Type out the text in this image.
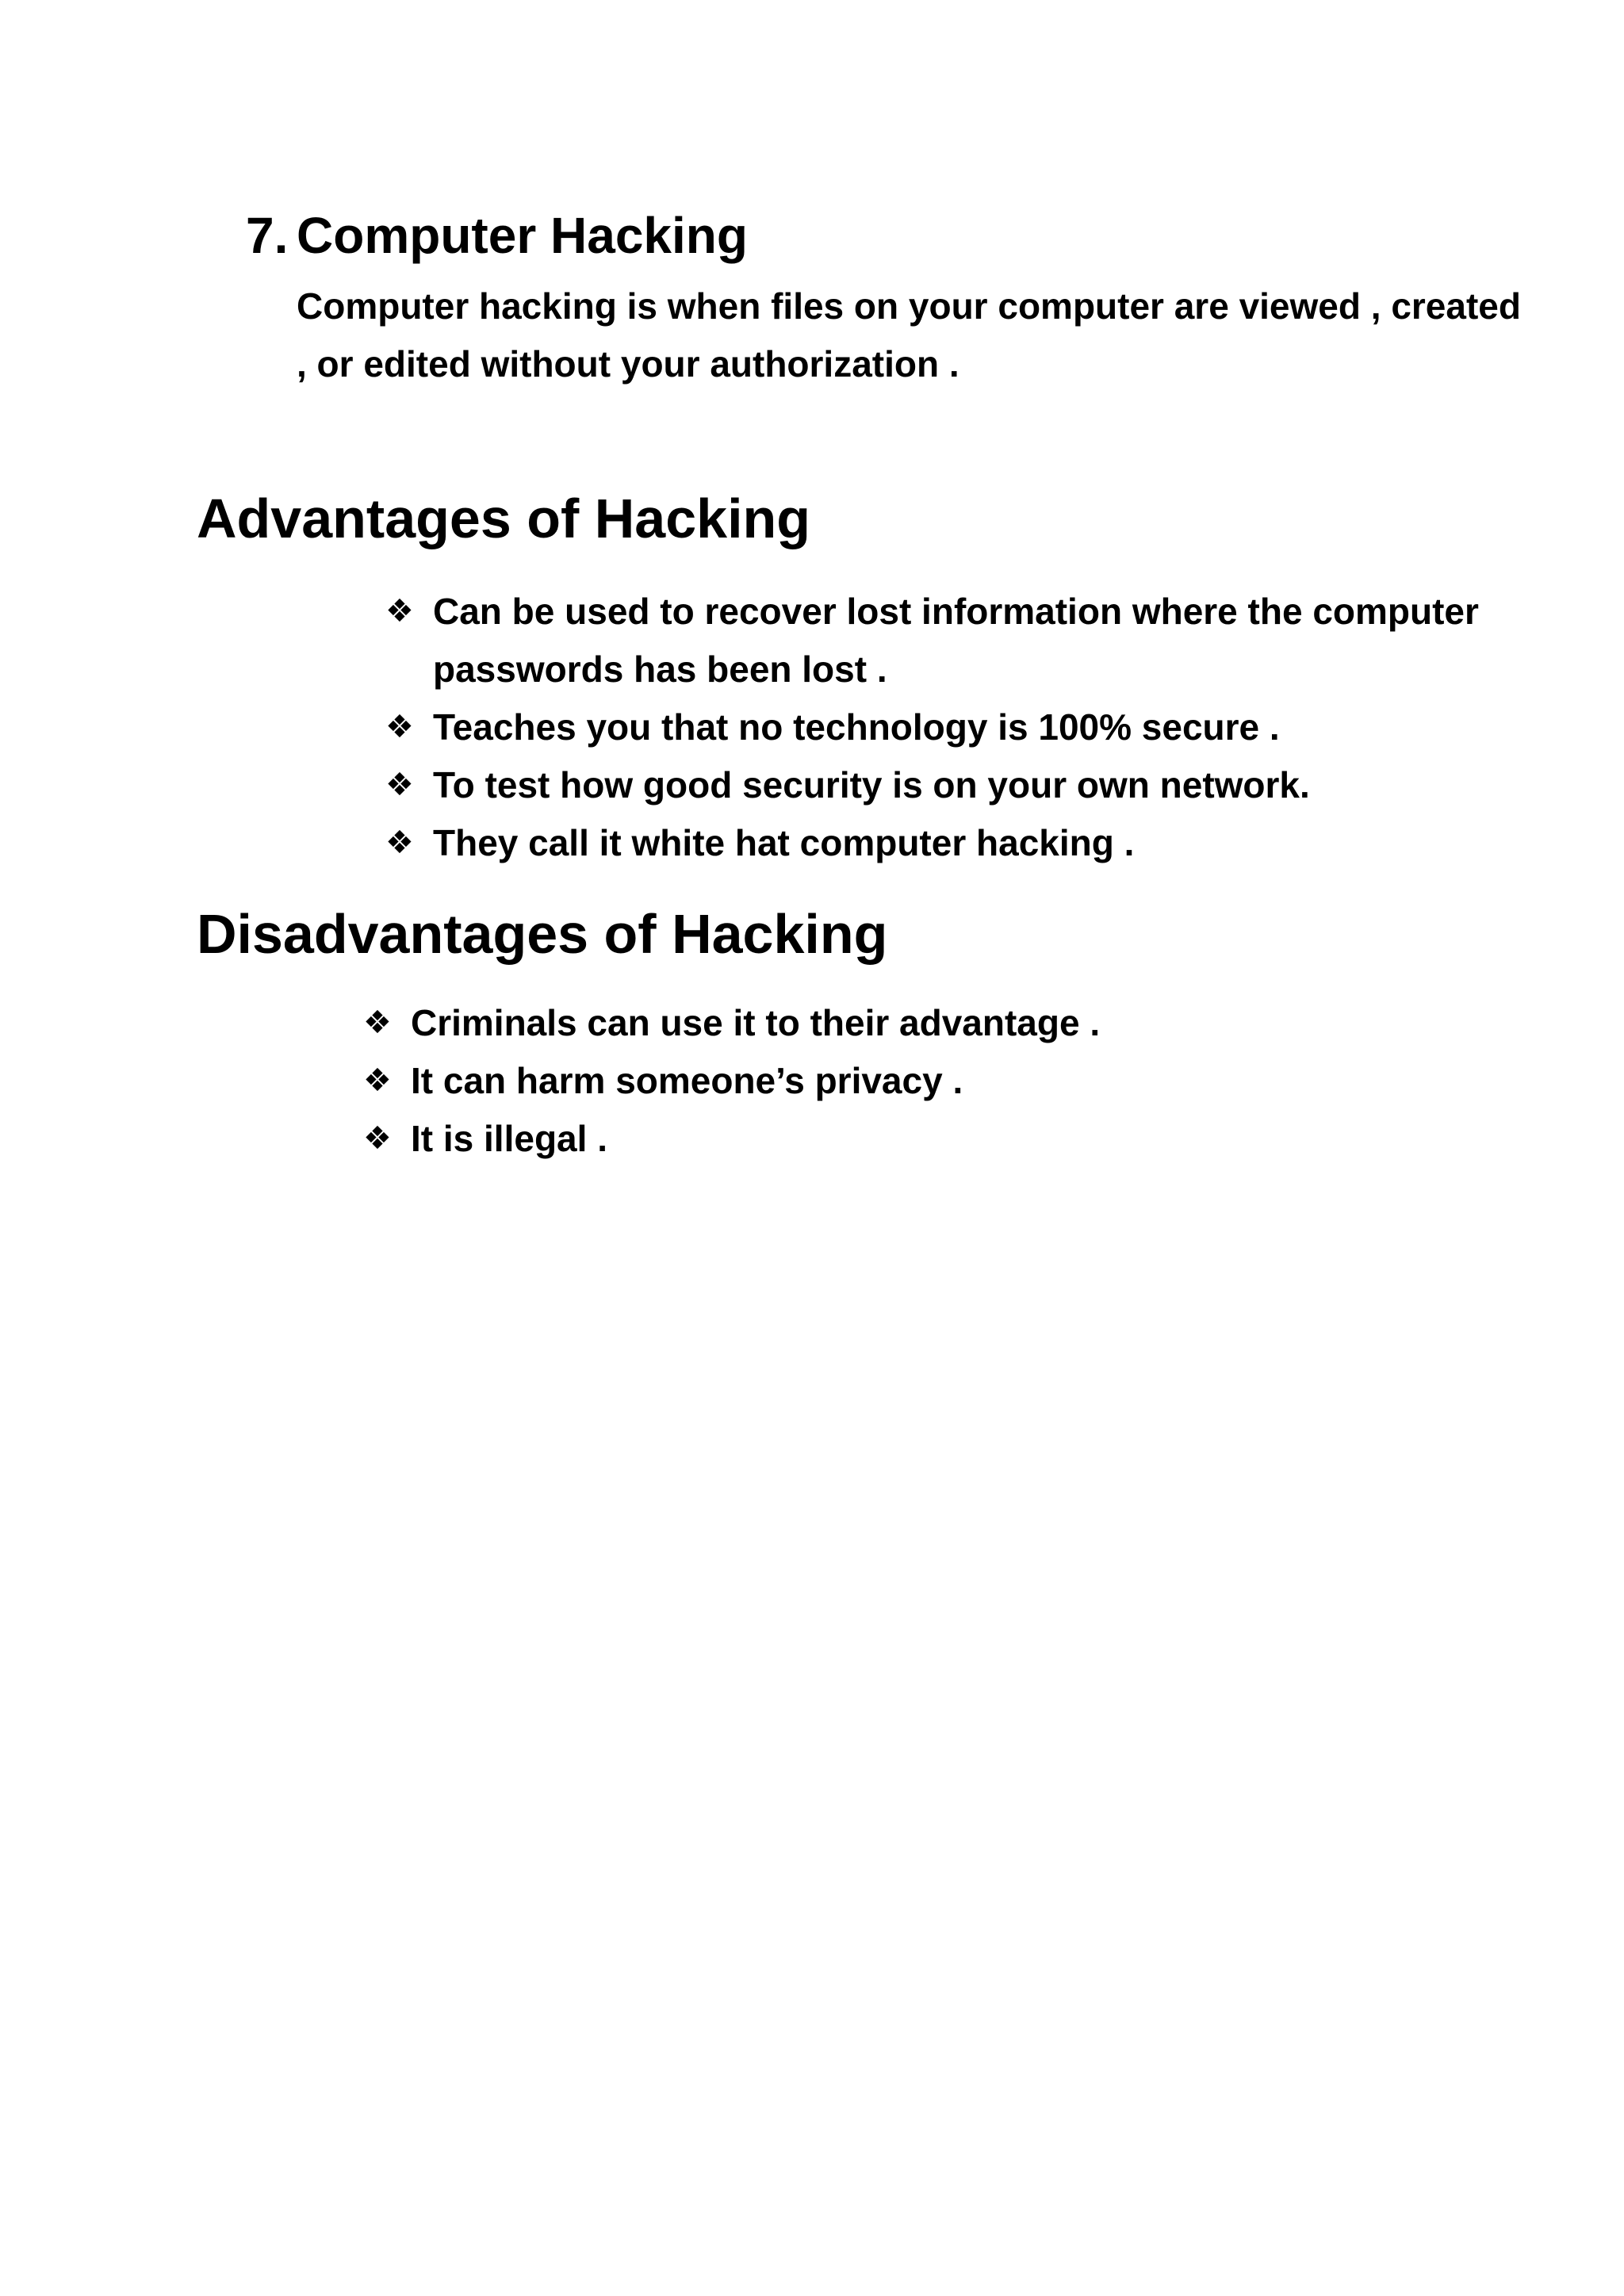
7. Computer Hacking

Computer hacking is when files on your computer are viewed , created , or edited without your authorization .

Advantages of Hacking
❖ Can be used to recover lost information where the computer passwords has been lost .
❖ Teaches you that no technology is 100% secure .
❖ To test how good security is on your own network.
❖ They call it white hat computer hacking .
Disadvantages of Hacking
❖ Criminals can use it to their advantage .
❖ It can harm someone’s privacy .
❖ It is illegal .
